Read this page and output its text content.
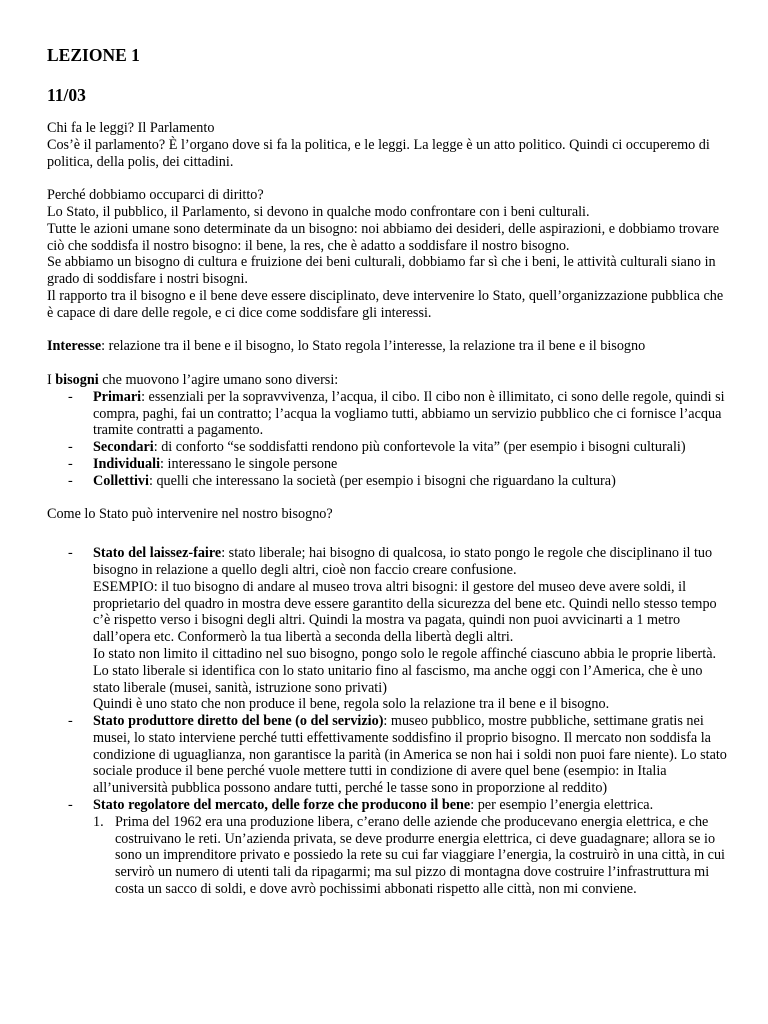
LEZIONE 1
11/03

Chi fa le leggi? Il Parlamento

Cos’è il parlamento? È l’organo dove si fa la politica, e le leggi. La legge è un atto politico. Quindi ci occuperemo di politica, della polis, dei cittadini.

Perché dobbiamo occuparci di diritto?

Lo Stato, il pubblico, il Parlamento, si devono in qualche modo confrontare con i beni culturali.

Tutte le azioni umane sono determinate da un bisogno: noi abbiamo dei desideri, delle aspirazioni, e dobbiamo trovare ciò che soddisfa il nostro bisogno: il bene, la res, che è adatto a soddisfare il nostro bisogno.

Se abbiamo un bisogno di cultura e fruizione dei beni culturali, dobbiamo far sì che i beni, le attività culturali siano in grado di soddisfare i nostri bisogni.

Il rapporto tra il bisogno e il bene deve essere disciplinato, deve intervenire lo Stato, quell’organizzazione pubblica che è capace di dare delle regole, e ci dice come soddisfare gli interessi.

Interesse: relazione tra il bene e il bisogno, lo Stato regola l’interesse, la relazione tra il bene e il bisogno

I bisogni che muovono l’agire umano sono diversi:

- Primari: essenziali per la sopravvivenza, l’acqua, il cibo. Il cibo non è illimitato, ci sono delle regole, quindi si compra, paghi, fai un contratto; l’acqua la vogliamo tutti, abbiamo un servizio pubblico che ci fornisce l’acqua tramite contratti a pagamento.
- Secondari: di conforto “se soddisfatti rendono più confortevole la vita” (per esempio i bisogni culturali)
- Individuali: interessano le singole persone
- Collettivi: quelli che interessano la società (per esempio i bisogni che riguardano la cultura)

Come lo Stato può intervenire nel nostro bisogno?

- Stato del laissez-faire: stato liberale; hai bisogno di qualcosa, io stato pongo le regole che disciplinano il tuo bisogno in relazione a quello degli altri, cioè non faccio creare confusione.

ESEMPIO: il tuo bisogno di andare al museo trova altri bisogni: il gestore del museo deve avere soldi, il proprietario del quadro in mostra deve essere garantito della sicurezza del bene etc. Quindi nello stesso tempo c’è rispetto verso i bisogni degli altri. Quindi la mostra va pagata, quindi non puoi avvicinarti a 1 metro dall’opera etc. Conformerò la tua libertà a seconda della libertà degli altri.

Io stato non limito il cittadino nel suo bisogno, pongo solo le regole affinché ciascuno abbia le proprie libertà. Lo stato liberale si identifica con lo stato unitario fino al fascismo, ma anche oggi con l’America, che è uno stato liberale (musei, sanità, istruzione sono privati)

Quindi è uno stato che non produce il bene, regola solo la relazione tra il bene e il bisogno.

- Stato produttore diretto del bene (o del servizio): museo pubblico, mostre pubbliche, settimane gratis nei musei, lo stato interviene perché tutti effettivamente soddisfino il proprio bisogno. Il mercato non soddisfa la condizione di uguaglianza, non garantisce la parità (in America se non hai i soldi non puoi fare niente). Lo stato sociale produce il bene perché vuole mettere tutti in condizione di avere quel bene (esempio: in Italia all’università pubblica possono andare tutti, perché le tasse sono in proporzione al reddito)
- Stato regolatore del mercato, delle forze che producono il bene: per esempio l’energia elettrica.
1. Prima del 1962 era una produzione libera, c’erano delle aziende che producevano energia elettrica, e che costruivano le reti. Un’azienda privata, se deve produrre energia elettrica, ci deve guadagnare; allora se io sono un imprenditore privato e possiedo la rete su cui far viaggiare l’energia, la costruirò in una città, in cui servirò un numero di utenti tali da ripagarmi; ma sul pizzo di montagna dove costruire l’infrastruttura mi costa un sacco di soldi, e dove avrò pochissimi abbonati rispetto alle città, non mi conviene.
